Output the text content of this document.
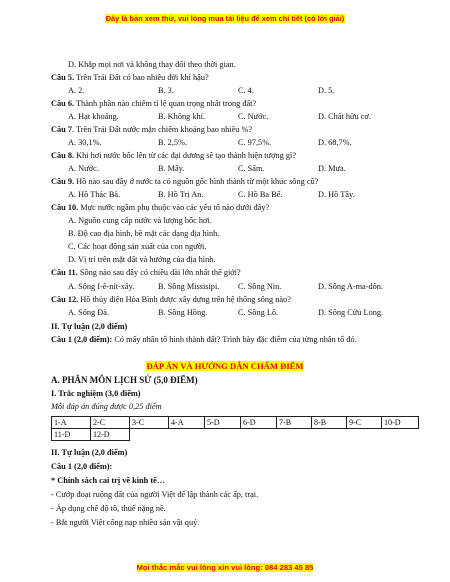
Đây là bản xem thử, vui lòng mua tài liệu để xem chi tiết (có lời giải)
D. Khắp mọi nơi và không thay đổi theo thời gian.
Câu 5. Trên Trái Đất có bao nhiêu đới khí hậu?
A. 2.	B. 3.	C. 4.	D. 5.
Câu 6. Thành phần nào chiếm tỉ lệ quan trọng nhất trong đất?
A. Hạt khoáng.	B. Không khí.	C. Nước.	D. Chất hữu cơ.
Câu 7. Trên Trái Đất nước mặn chiếm khoảng bao nhiêu %?
A. 30,1%.	B. 2,5%.	C. 97,5%.	D. 68,7%.
Câu 8. Khi hơi nước bốc lên từ các đại dương sẽ tạo thành hiện tượng gì?
A. Nước.	B. Mây.	C. Sấm.	D. Mưa.
Câu 9. Hồ nào sau đây ở nước ta có nguồn gốc hình thành từ một khúc sông cũ?
A. Hồ Thác Bà.	B. Hồ Trị An.	C. Hồ Ba Bể.	D. Hồ Tây.
Câu 10. Mực nước ngầm phụ thuộc vào các yếu tố nào dưới đây?
A. Nguồn cung cấp nước và lượng bốc hơi.
B. Độ cao địa hình, bề mặt các dạng địa hình.
C. Các hoạt động sản xuất của con người.
D. Vị trí trên mặt đất và hướng của địa hình.
Câu 11. Sông nào sau đây có chiều dài lớn nhất thế giới?
A. Sông I-ê-nít-xây.	B. Sông Missisipi. C. Sông Nin.	D. Sông A-ma-dôn.
Câu 12. Hồ thủy điện Hòa Bình được xây dựng trên hệ thống sông nào?
A. Sông Đà.	B. Sông Hồng.	C. Sông Lô.	D. Sông Cửu Long.
II. Tự luận (2,0 điểm)
Câu 1 (2,0 điểm): Có mấy nhân tố hình thành đất? Trình bày đặc điểm của từng nhân tố đó.
ĐÁP ÁN VÀ HƯỚNG DẪN CHẤM ĐIỂM
A. PHÂN MÔN LỊCH SỬ (5,0 ĐIỂM)
I. Trắc nghiệm (3,0 điểm)
Mỗi đáp án đúng được 0,25 điểm
1-A	2-C	3-C	4-A	5-D	6-D	7-B	8-B	9-C	10-D
11-D	12-D								
II. Tự luận (2,0 điểm)
Câu 1 (2,0 điểm):
* Chính sách cai trị về kinh tế…
- Cướp đoạt ruộng đất của người Việt để lập thành các ấp, trại.
- Áp dụng chế độ tô, thuế nặng nề.
- Bắt người Việt cống nạp nhiều sản vật quý.
Mọi thắc mắc vui lòng xin vui lòng: 084 283 45 85
